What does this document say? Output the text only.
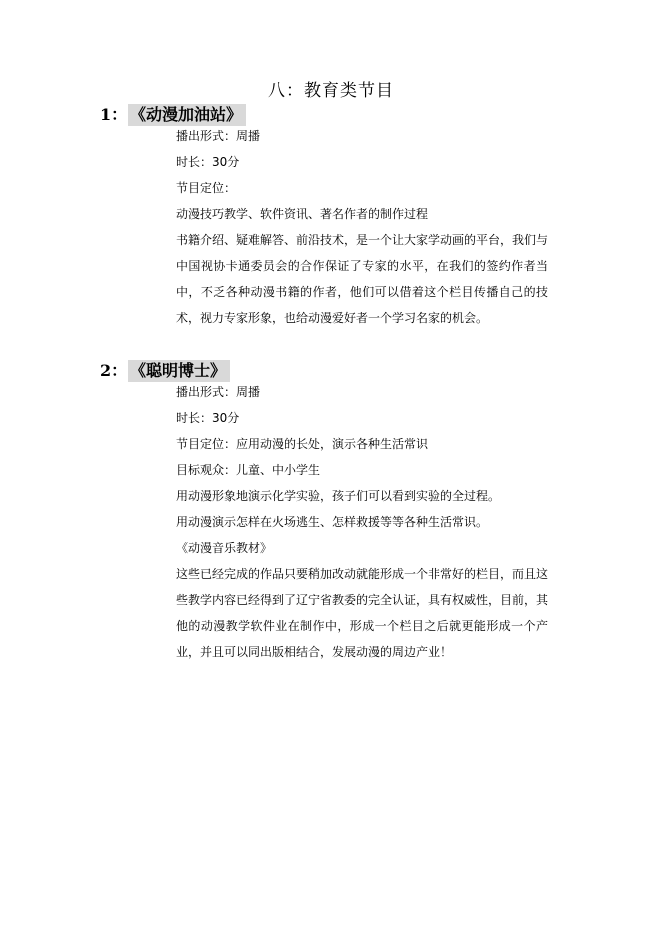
八：教育类节目
1： 《动漫加油站》
播出形式：周播
时长：30分
节目定位：
动漫技巧教学、软件资讯、著名作者的制作过程
书籍介绍、疑难解答、前沿技术，是一个让大家学动画的平台，我们与中国视协卡通委员会的合作保证了专家的水平，在我们的签约作者当中，不乏各种动漫书籍的作者，他们可以借着这个栏目传播自己的技术，视力专家形象，也给动漫爱好者一个学习名家的机会。
2： 《聪明博士》
播出形式：周播
时长：30分
节目定位：应用动漫的长处，演示各种生活常识
目标观众：儿童、中小学生
用动漫形象地演示化学实验，孩子们可以看到实验的全过程。
用动漫演示怎样在火场逃生、怎样救援等等各种生活常识。
《动漫音乐教材》
这些已经完成的作品只要稍加改动就能形成一个非常好的栏目，而且这些教学内容已经得到了辽宁省教委的完全认证，具有权威性，目前，其他的动漫教学软件业在制作中，形成一个栏目之后就更能形成一个产业，并且可以同出版相结合，发展动漫的周边产业！
